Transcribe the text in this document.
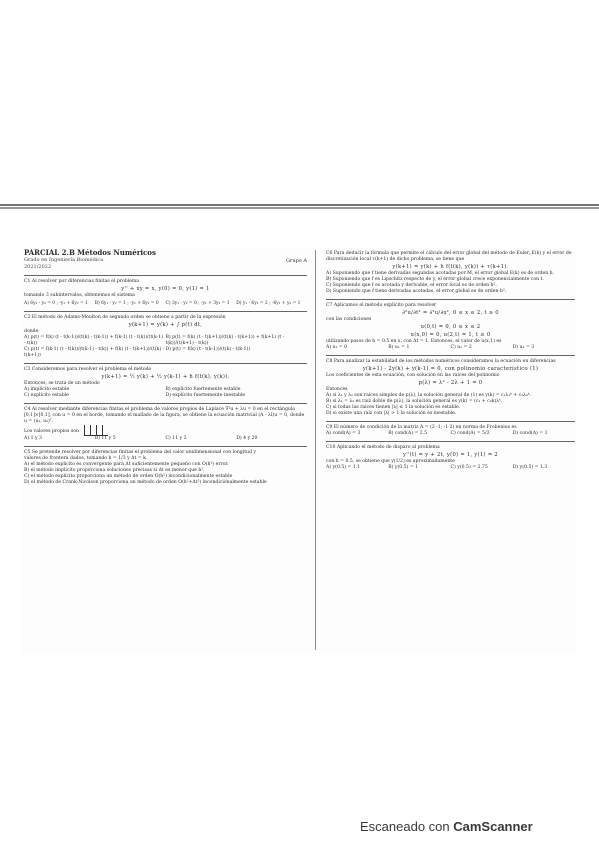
PARCIAL 2.B Métodos Numéricos
Grado en Ingeniería Biomédica
2021/2022
Grupo A
C1 Al resolver por diferencias finitas el problema
y'' + xy = x, y(0) = 0, y(1) = 1
tomando 3 subintervalos, obtenemos el sistema
A) 6y₁ - y₂ = 0 ; -y₁ + 6y₂ = 1	B) 6y₁ - y₂ = 1 ; -y₁ + 6y₂ = 0	C) 3y₁ - y₂ = 0 ; -y₁ + 3y₂ = 1	D) y₁ - 6y₂ = 2 ; -6y₁ + y₂ = 1
C2 El método de Adams-Moulton de segundo orden se obtiene a partir de la expresión
y(k+1) = y(k) + ∫ p(t) dt,
donde
A) p(t) = f(k) (t - t(k-1))/(t(k) - t(k-1)) + f(k-1) (t - t(k))/(t(k-1) - t(k))
B) p(t) = f(k) (t - t(k+1))/(t(k) - t(k+1)) + f(k+1) (t - t(k))/(t(k+1) - t(k))
C) p(t) = f(k-1) (t - t(k))/(t(k-1) - t(k)) + f(k) (t - t(k+1))/(t(k) - t(k+1))
D) p(t) = f(k) (t - t(k-1))/(t(k) - t(k-1))
C3 Consideremos para resolver el problema el método
y(k+1) = ½ y(k) + ½ y(k-1) + h f(t(k), y(k)).
Entonces, se trata de un método
A) implícito estable	B) explícito fuertemente estable
C) explícito estable	D) explícito fuertemente inestable
C4 Al resolver mediante diferencias finitas el problema de valores propios de Laplace ∇²u + λu = 0 en el rectángulo [0,1]×[0,1], con u = 0 en el borde, tomando el mallado de la figura, se obtiene la ecuación matricial (A - λI)u = 0, donde u = (u₁, u₂)ᵀ.
Los valores propios son
A) 1 y 3	B) 11 y 5	C) 11 y 3	D) 4 y 20
C5 Se pretende resolver por diferencias finitas el problema del calor unidimensional con longitud y
valores de frontera dados, tomando h = 1/3 y Δt = k.
A) el método explícito es convergente para Δt suficientemente pequeño con O(h²) error.
B) el método implícito proporciona soluciones precisas si Δt es menor que h².
C) el método explícito proporciona un método de orden O(h²) incondicionalmente estable
D) el método de Crank-Nicolson proporciona un método de orden O(h²+Δt²) incondicionalmente estable
C6 Para deducir la fórmula que permite el cálculo del error global del método de Euler, E(k) y el error de
discretización local τ(k+1) de dicho problema, se tiene que
y(k+1) = y(k) + h f(t(k), y(k)) + τ(k+1).
A) Suponiendo que f tiene derivadas segundas acotadas por M, el error global E(k) es de orden h.
B) Suponiendo que f es Lipschitz respecto de y, el error global crece exponencialmente con t.
C) Suponiendo que f es acotada y derivable, el error local es de orden h².
D) Suponiendo que f tiene derivadas acotadas, el error global es de orden h².
C7 Aplicamos el método explícito para resolver
∂²u/∂t² = ∂²u/∂x², 0 ≤ x ≤ 2, t ≥ 0
con las condiciones
u(0,t) = 0, 0 ≤ x ≤ 2
u(x,0) = 0, u(2,t) = 1, t ≥ 0
utilizando pasos de h = 0.5 en x, con Δt = 1. Entonces, el valor de u(x,1) es
A) u₁ = 0	B) u₁ = 1	C) u₁ = 2	D) u₁ = 3
C8 Para analizar la estabilidad de los métodos numéricos consideramos la ecuación en diferencias
y(k+1) - 2y(k) + y(k-1) = 0, con polinomio característico (1)
Los coeficientes de esta ecuación, con solución en las raíces del polinomio
p(λ) = λ² - 2λ + 1 = 0
Entonces
A) si λ₁ y λ₂ son raíces simples de p(λ), la solución general de (1) es y(k) = c₁λ₁ᵏ + c₂λ₂ᵏ.
B) si λ₁ = λ₂ es raíz doble de p(λ), la solución general es y(k) = (c₁ + c₂k)λᵏ.
C) si todas las raíces tienen |λ| ≤ 1 la solución es estable.
D) si existe una raíz con |λ| > 1 la solución es inestable.
C9 El número de condición de la matriz A = (2 -1; -1 2) en norma de Frobenius es
A) cond(A) = 3	B) cond(A) = 2.5	C) cond(A) = 5/3	D) cond(A) = 1
C10 Aplicando el método de disparo al problema
y''(t) = y + 2t, y(0) = 1, y(1) = 2
con h = 0.5, se obtiene que y(1/2) es aproximadamente
A) y(0.5) = 1.1	B) y(0.5) = 1	C) y(0.5) = 2.75	D) y(0.5) = 1.3
Escaneado con CamScanner
